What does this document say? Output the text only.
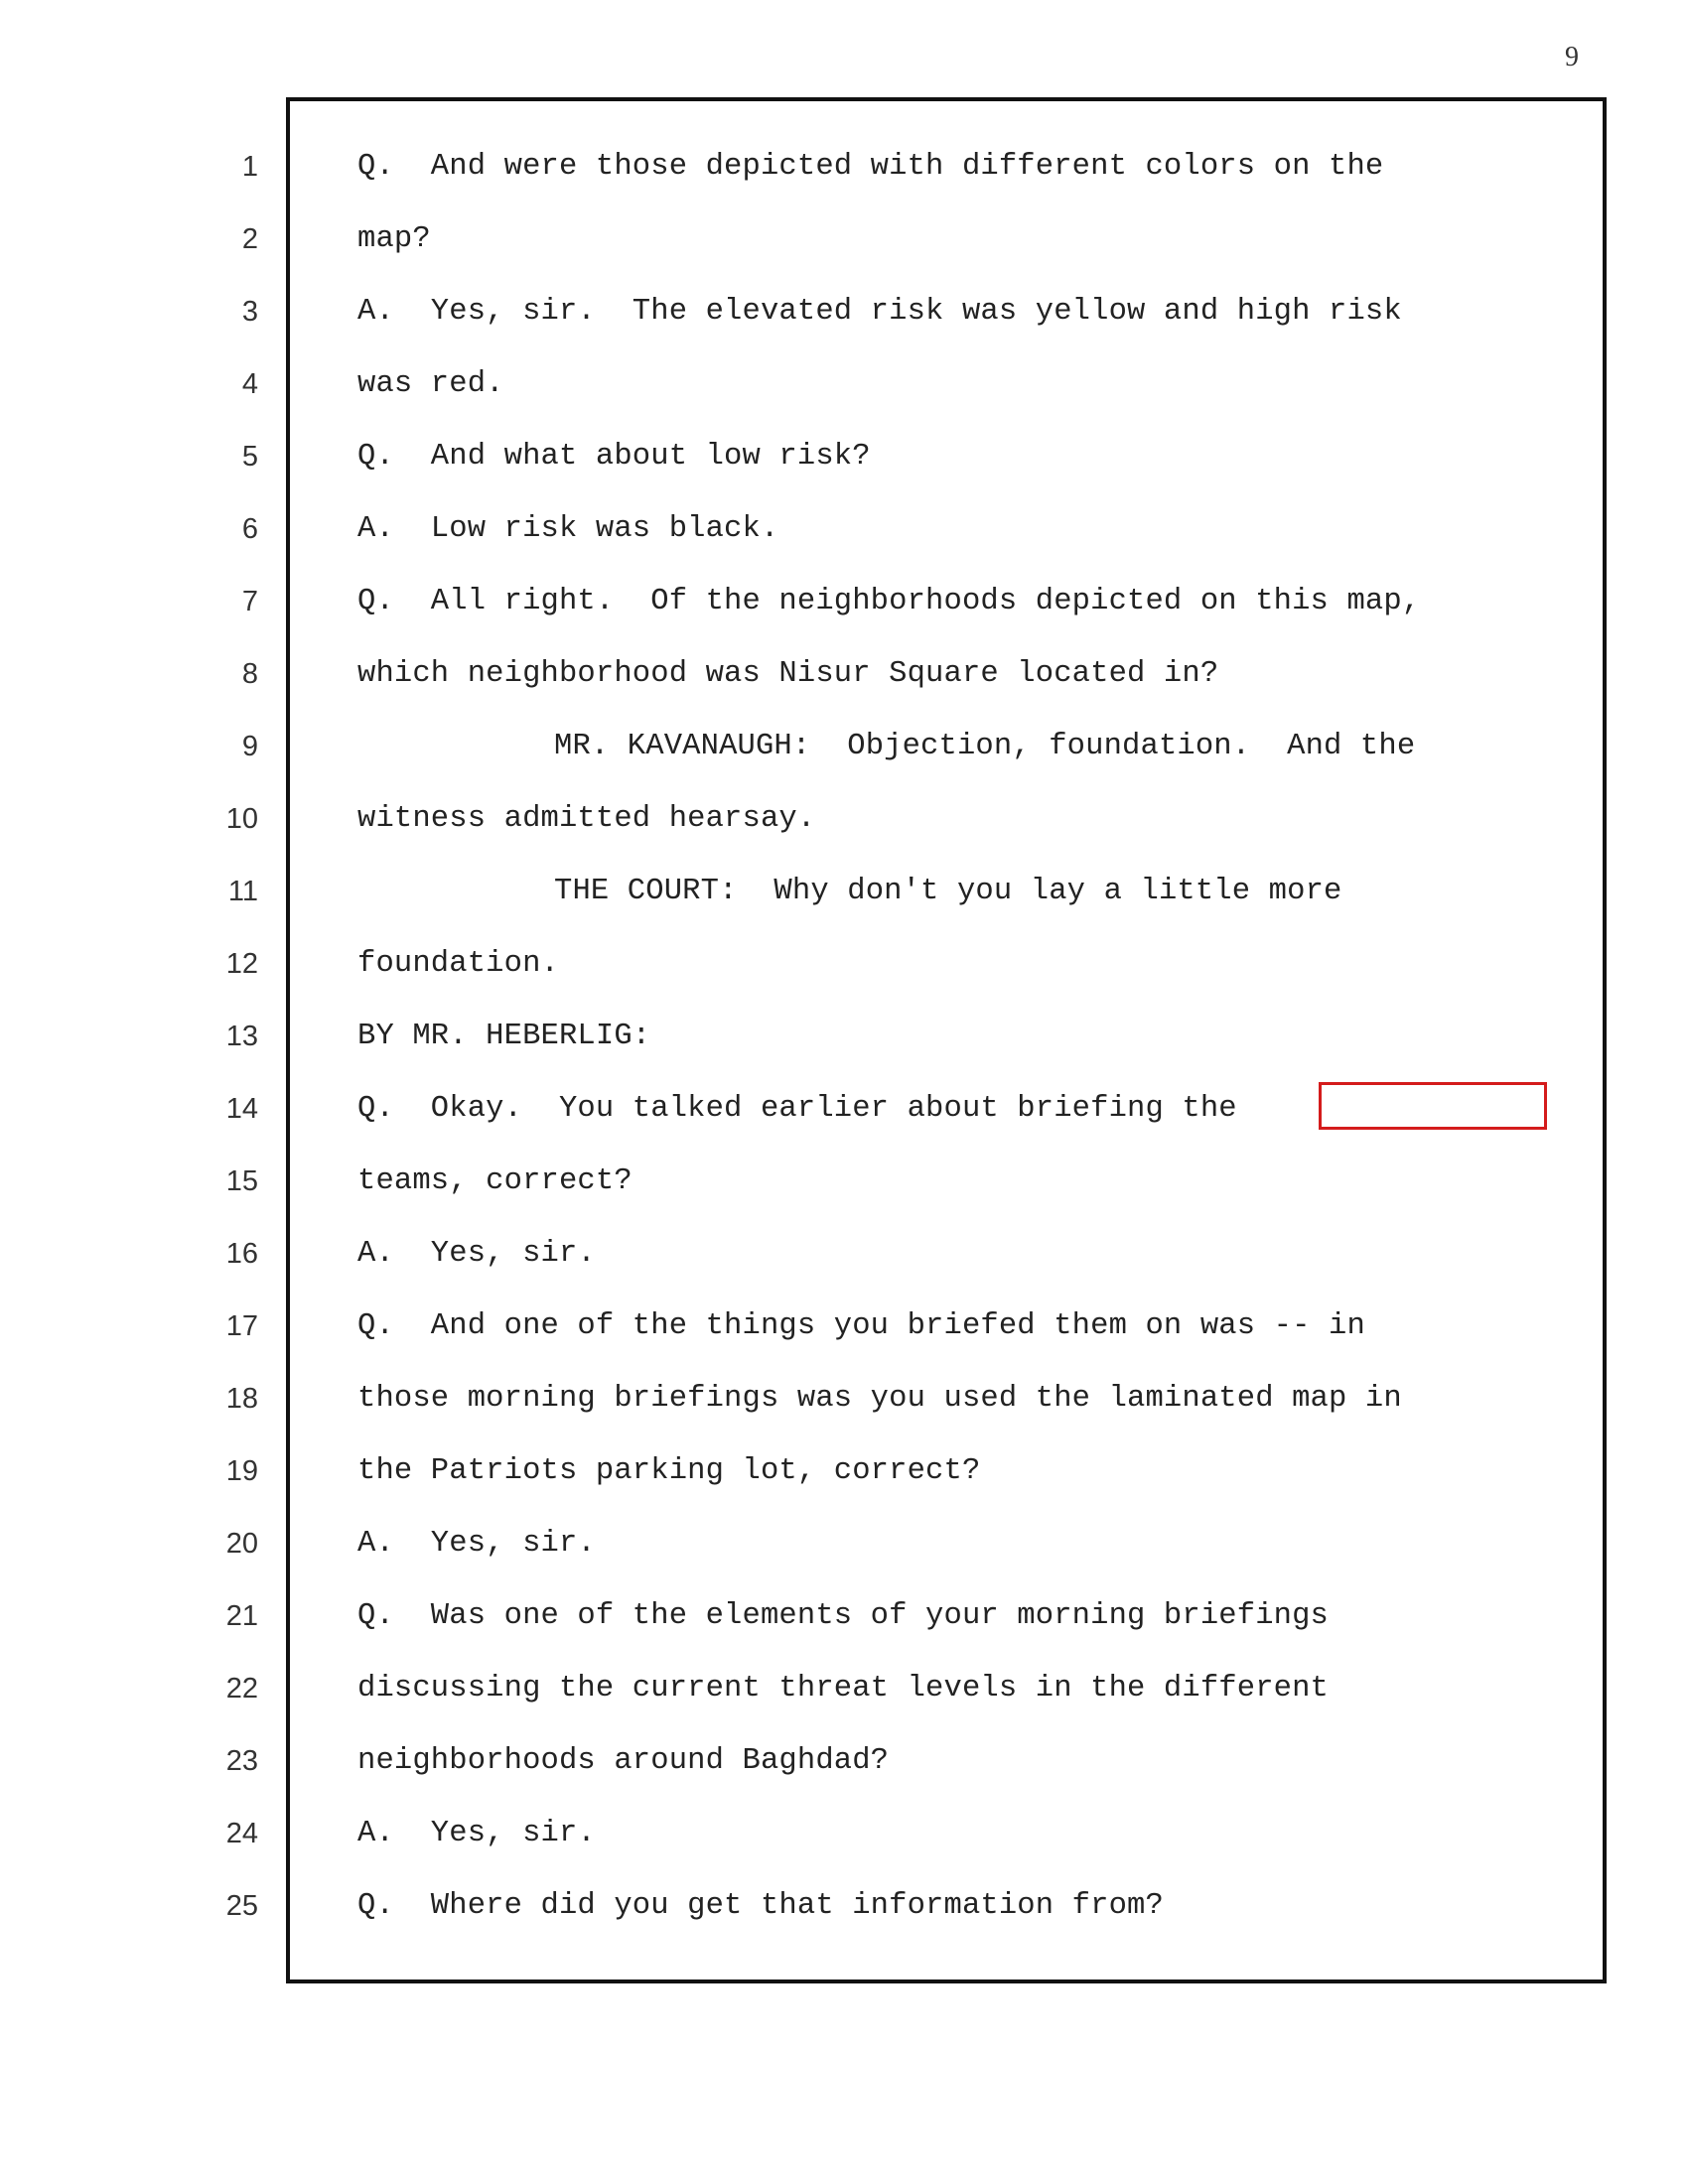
9
1	Q.  And were those depicted with different colors on the
2	map?
3	A.  Yes, sir.  The elevated risk was yellow and high risk
4	was red.
5	Q.  And what about low risk?
6	A.  Low risk was black.
7	Q.  All right.  Of the neighborhoods depicted on this map,
8	which neighborhood was Nisur Square located in?
9	MR. KAVANAUGH:  Objection, foundation.  And the
10	witness admitted hearsay.
11	THE COURT:  Why don't you lay a little more
12	foundation.
13	BY MR. HEBERLIG:
14	Q.  Okay.  You talked earlier about briefing the
15	teams, correct?
16	A.  Yes, sir.
17	Q.  And one of the things you briefed them on was -- in
18	those morning briefings was you used the laminated map in
19	the Patriots parking lot, correct?
20	A.  Yes, sir.
21	Q.  Was one of the elements of your morning briefings
22	discussing the current threat levels in the different
23	neighborhoods around Baghdad?
24	A.  Yes, sir.
25	Q.  Where did you get that information from?
